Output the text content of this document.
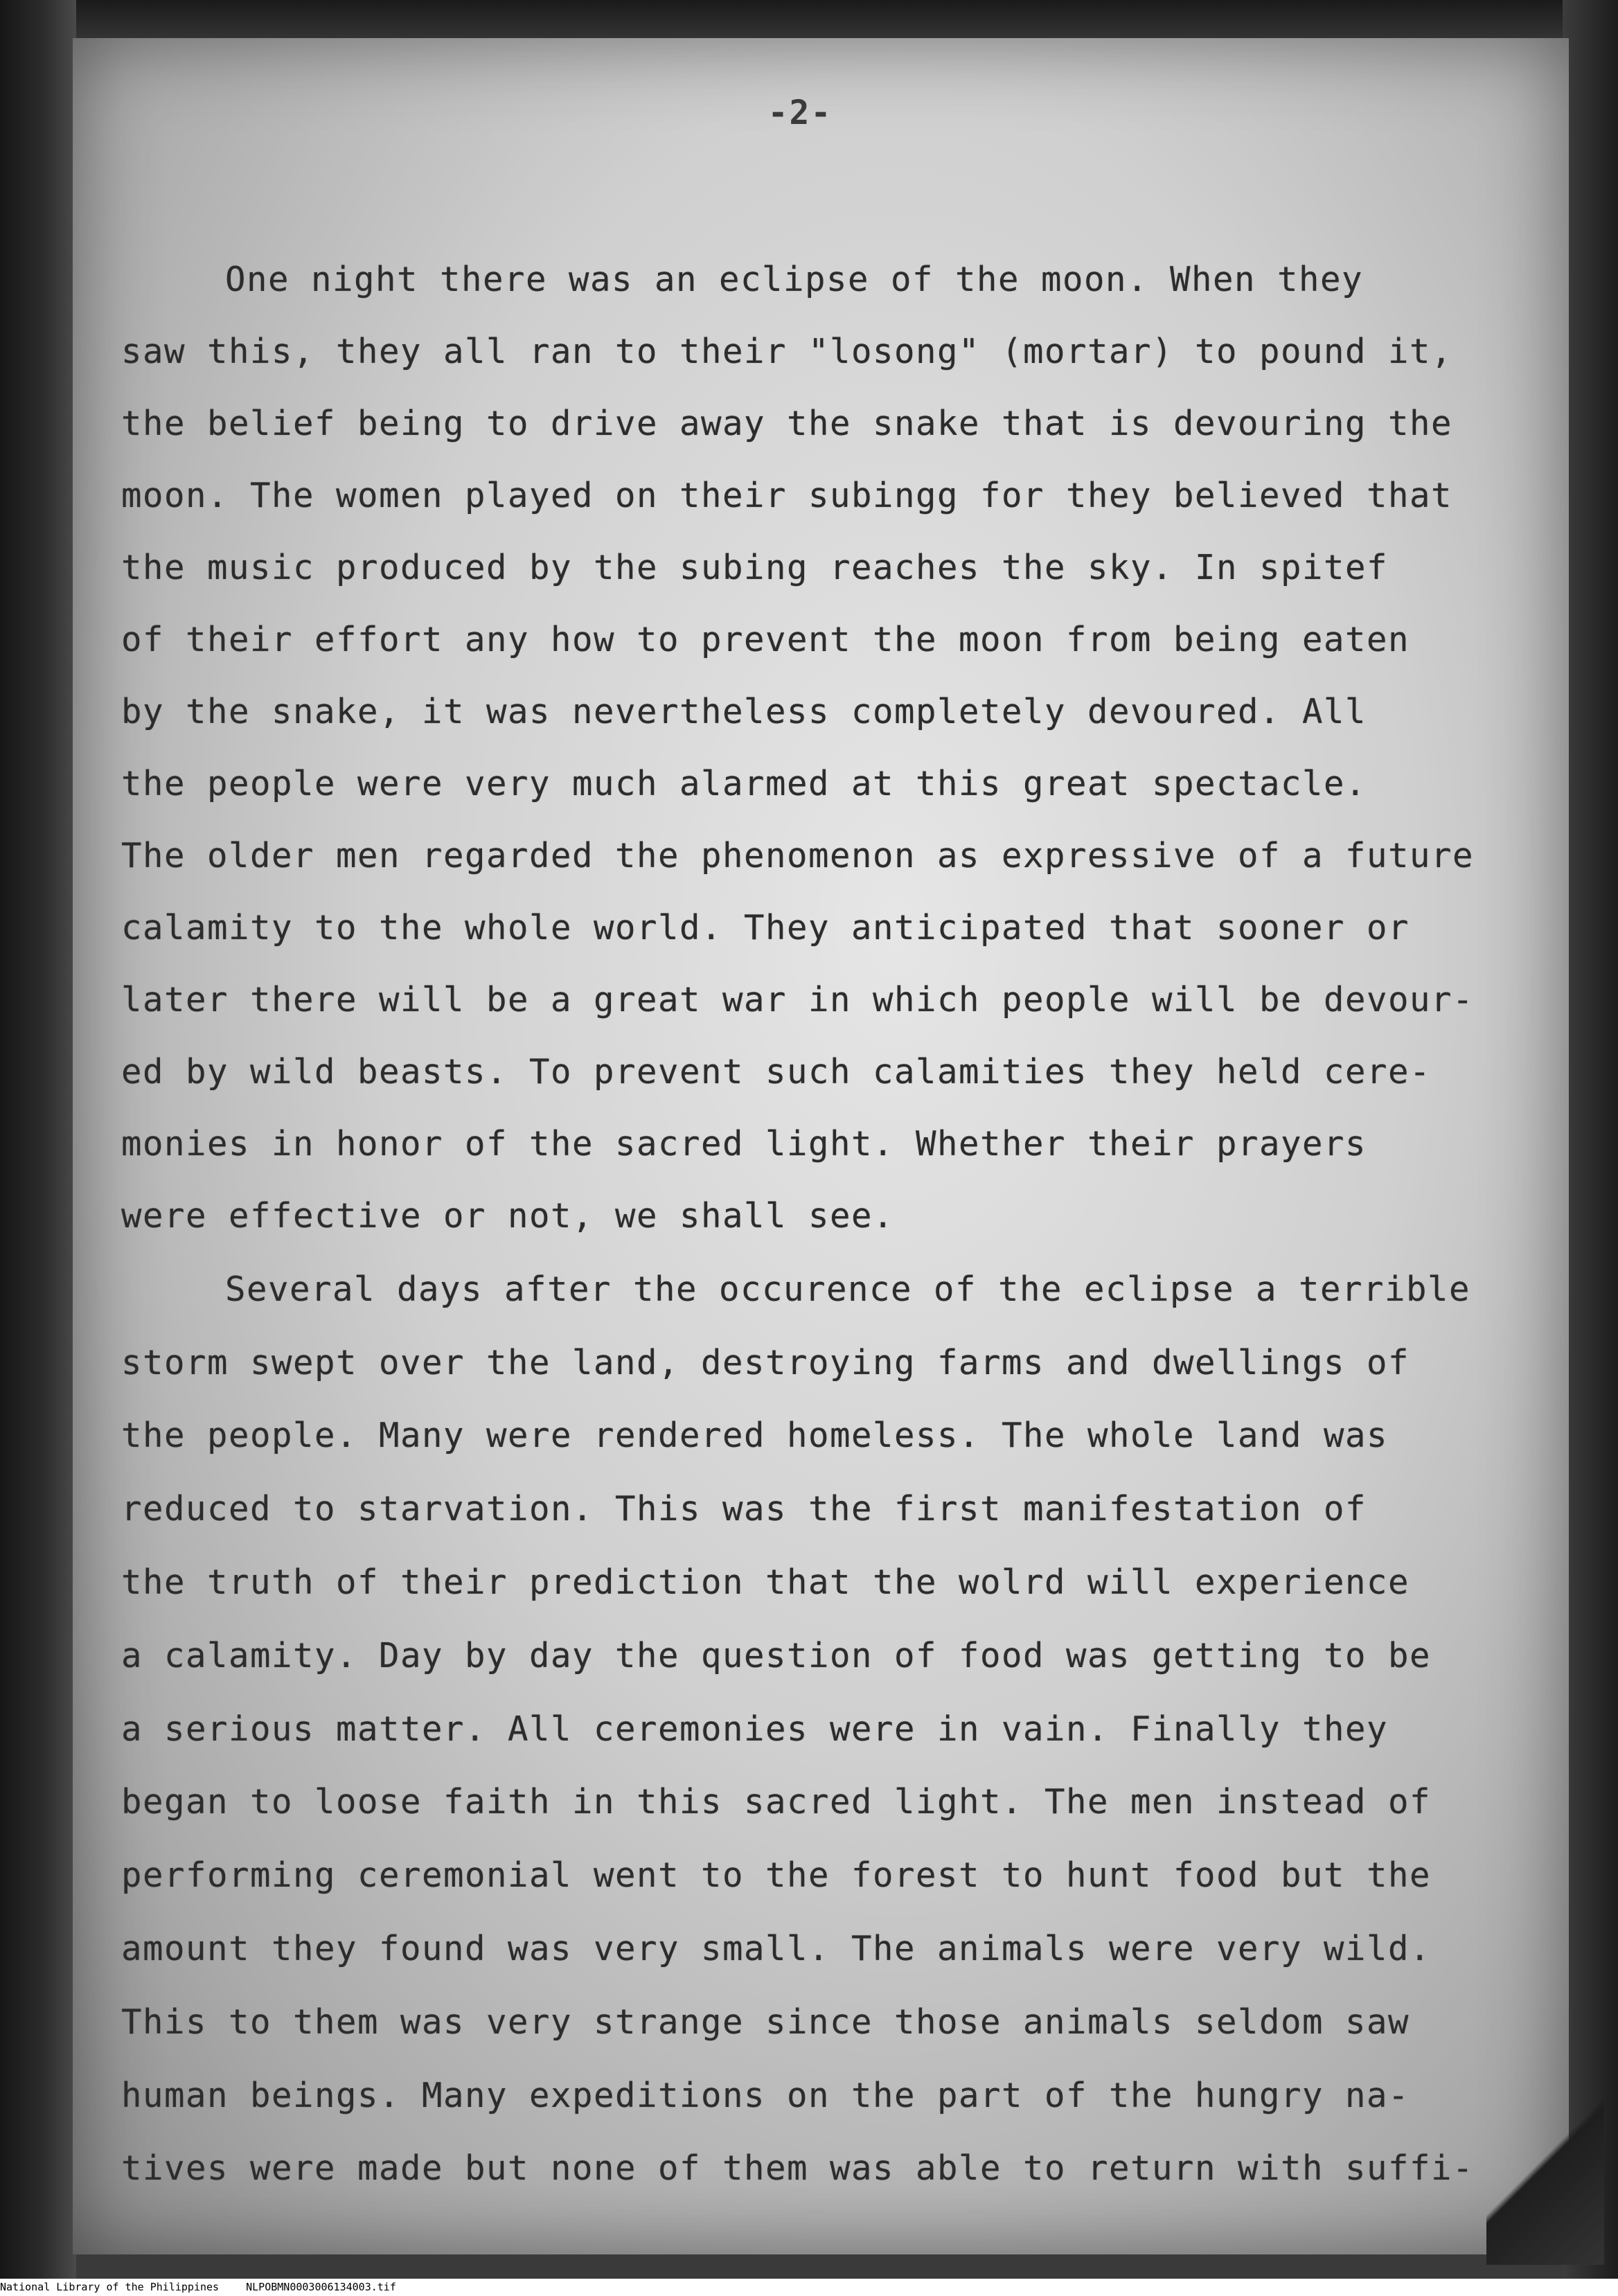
-2-
One night there was an eclipse of the moon. When they
saw this, they all ran to their "losong" (mortar) to pound it,
the belief being to drive away the snake that is devouring the
moon. The women played on their subingg for they believed that
the music produced by the subing reaches the sky. In spitef
of their effort any how to prevent the moon from being eaten
by the snake, it was nevertheless completely devoured. All
the people were very much alarmed at this great spectacle.
The older men regarded the phenomenon as expressive of a future
calamity to the whole world. They anticipated that sooner or
later there will be a great war in which people will be devour-
ed by wild beasts. To prevent such calamities they held cere-
monies in honor of the sacred light. Whether their prayers
were effective or not, we shall see.
Several days after the occurence of the eclipse a terrible
storm swept over the land, destroying farms and dwellings of
the people. Many were rendered homeless. The whole land was
reduced to starvation. This was the first manifestation of
the truth of their prediction that the wolrd will experience
a calamity. Day by day the question of food was getting to be
a serious matter. All ceremonies were in vain. Finally they
began to loose faith in this sacred light. The men instead of
performing ceremonial went to the forest to hunt food but the
amount they found was very small. The animals were very wild.
This to them was very strange since those animals seldom saw
human beings. Many expeditions on the part of the hungry na-
tives were made but none of them was able to return with suffi-
National Library of the Philippines	NLPOBMN0003006134003.tif
